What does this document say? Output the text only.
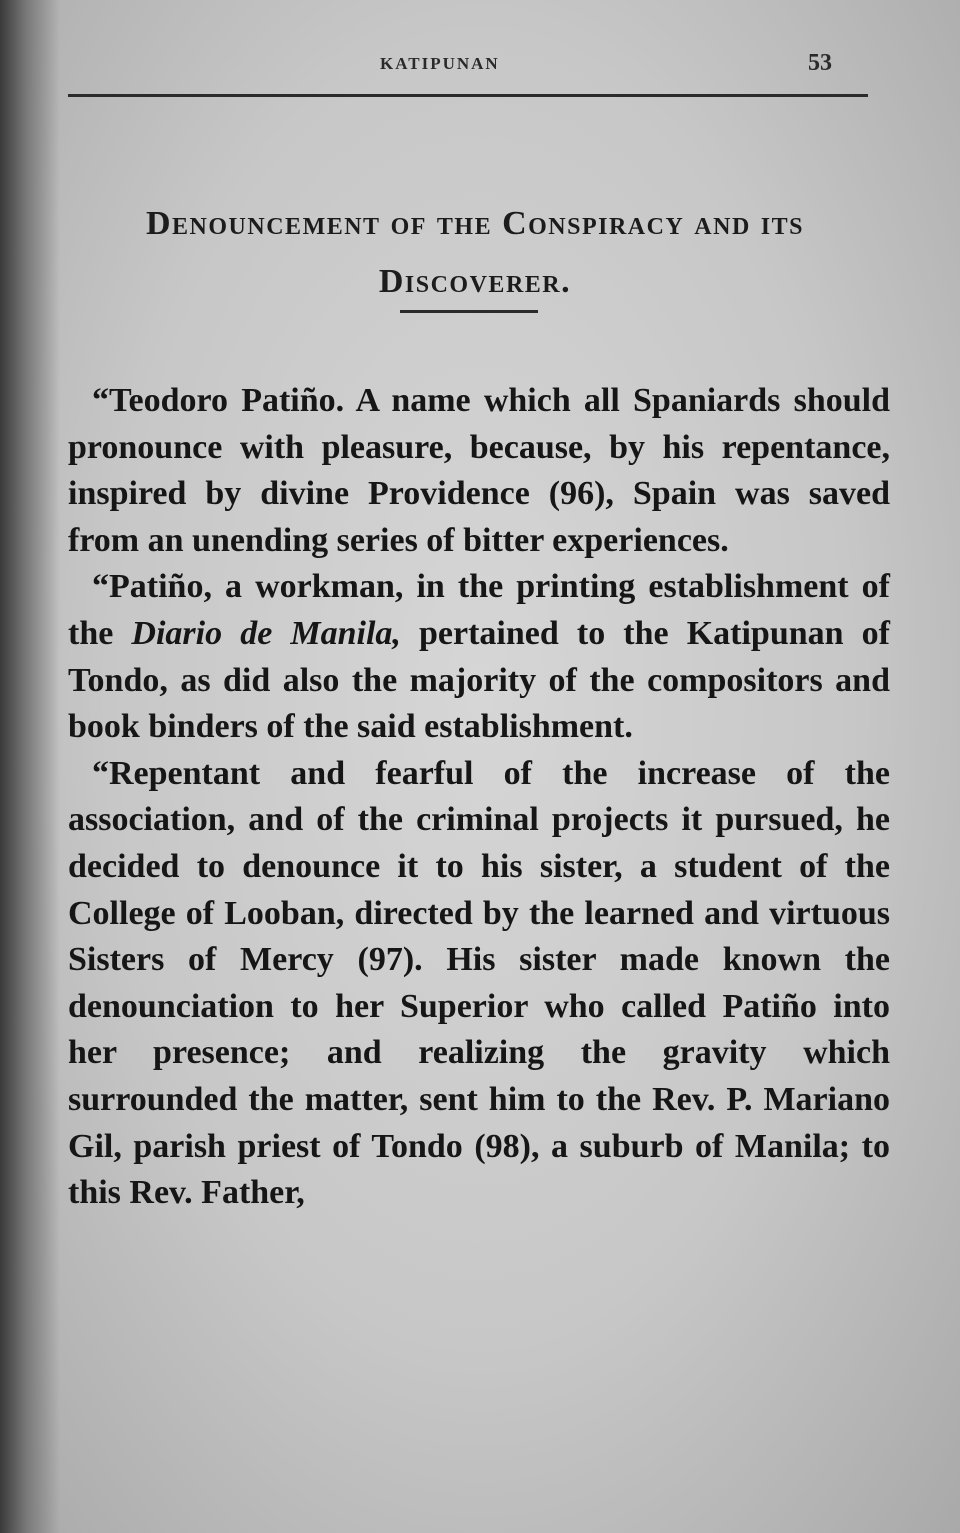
KATIPUNAN	53
Denouncement of the Conspiracy and its
Discoverer.

“Teodoro Patiño. A name which all Spaniards should pronounce with pleasure, because, by his repentance, inspired by divine Providence (96), Spain was saved from an unending series of bitter experiences.

“Patiño, a workman, in the printing establishment of the Diario de Manila, pertained to the Katipunan of Tondo, as did also the majority of the compositors and book binders of the said establishment.

“Repentant and fearful of the increase of the association, and of the criminal projects it pursued, he decided to denounce it to his sister, a student of the College of Looban, directed by the learned and virtuous Sisters of Mercy (97). His sister made known the denounciation to her Superior who called Patiño into her presence; and realizing the gravity which surrounded the matter, sent him to the Rev. P. Mariano Gil, parish priest of Tondo (98), a suburb of Manila; to this Rev. Father,
